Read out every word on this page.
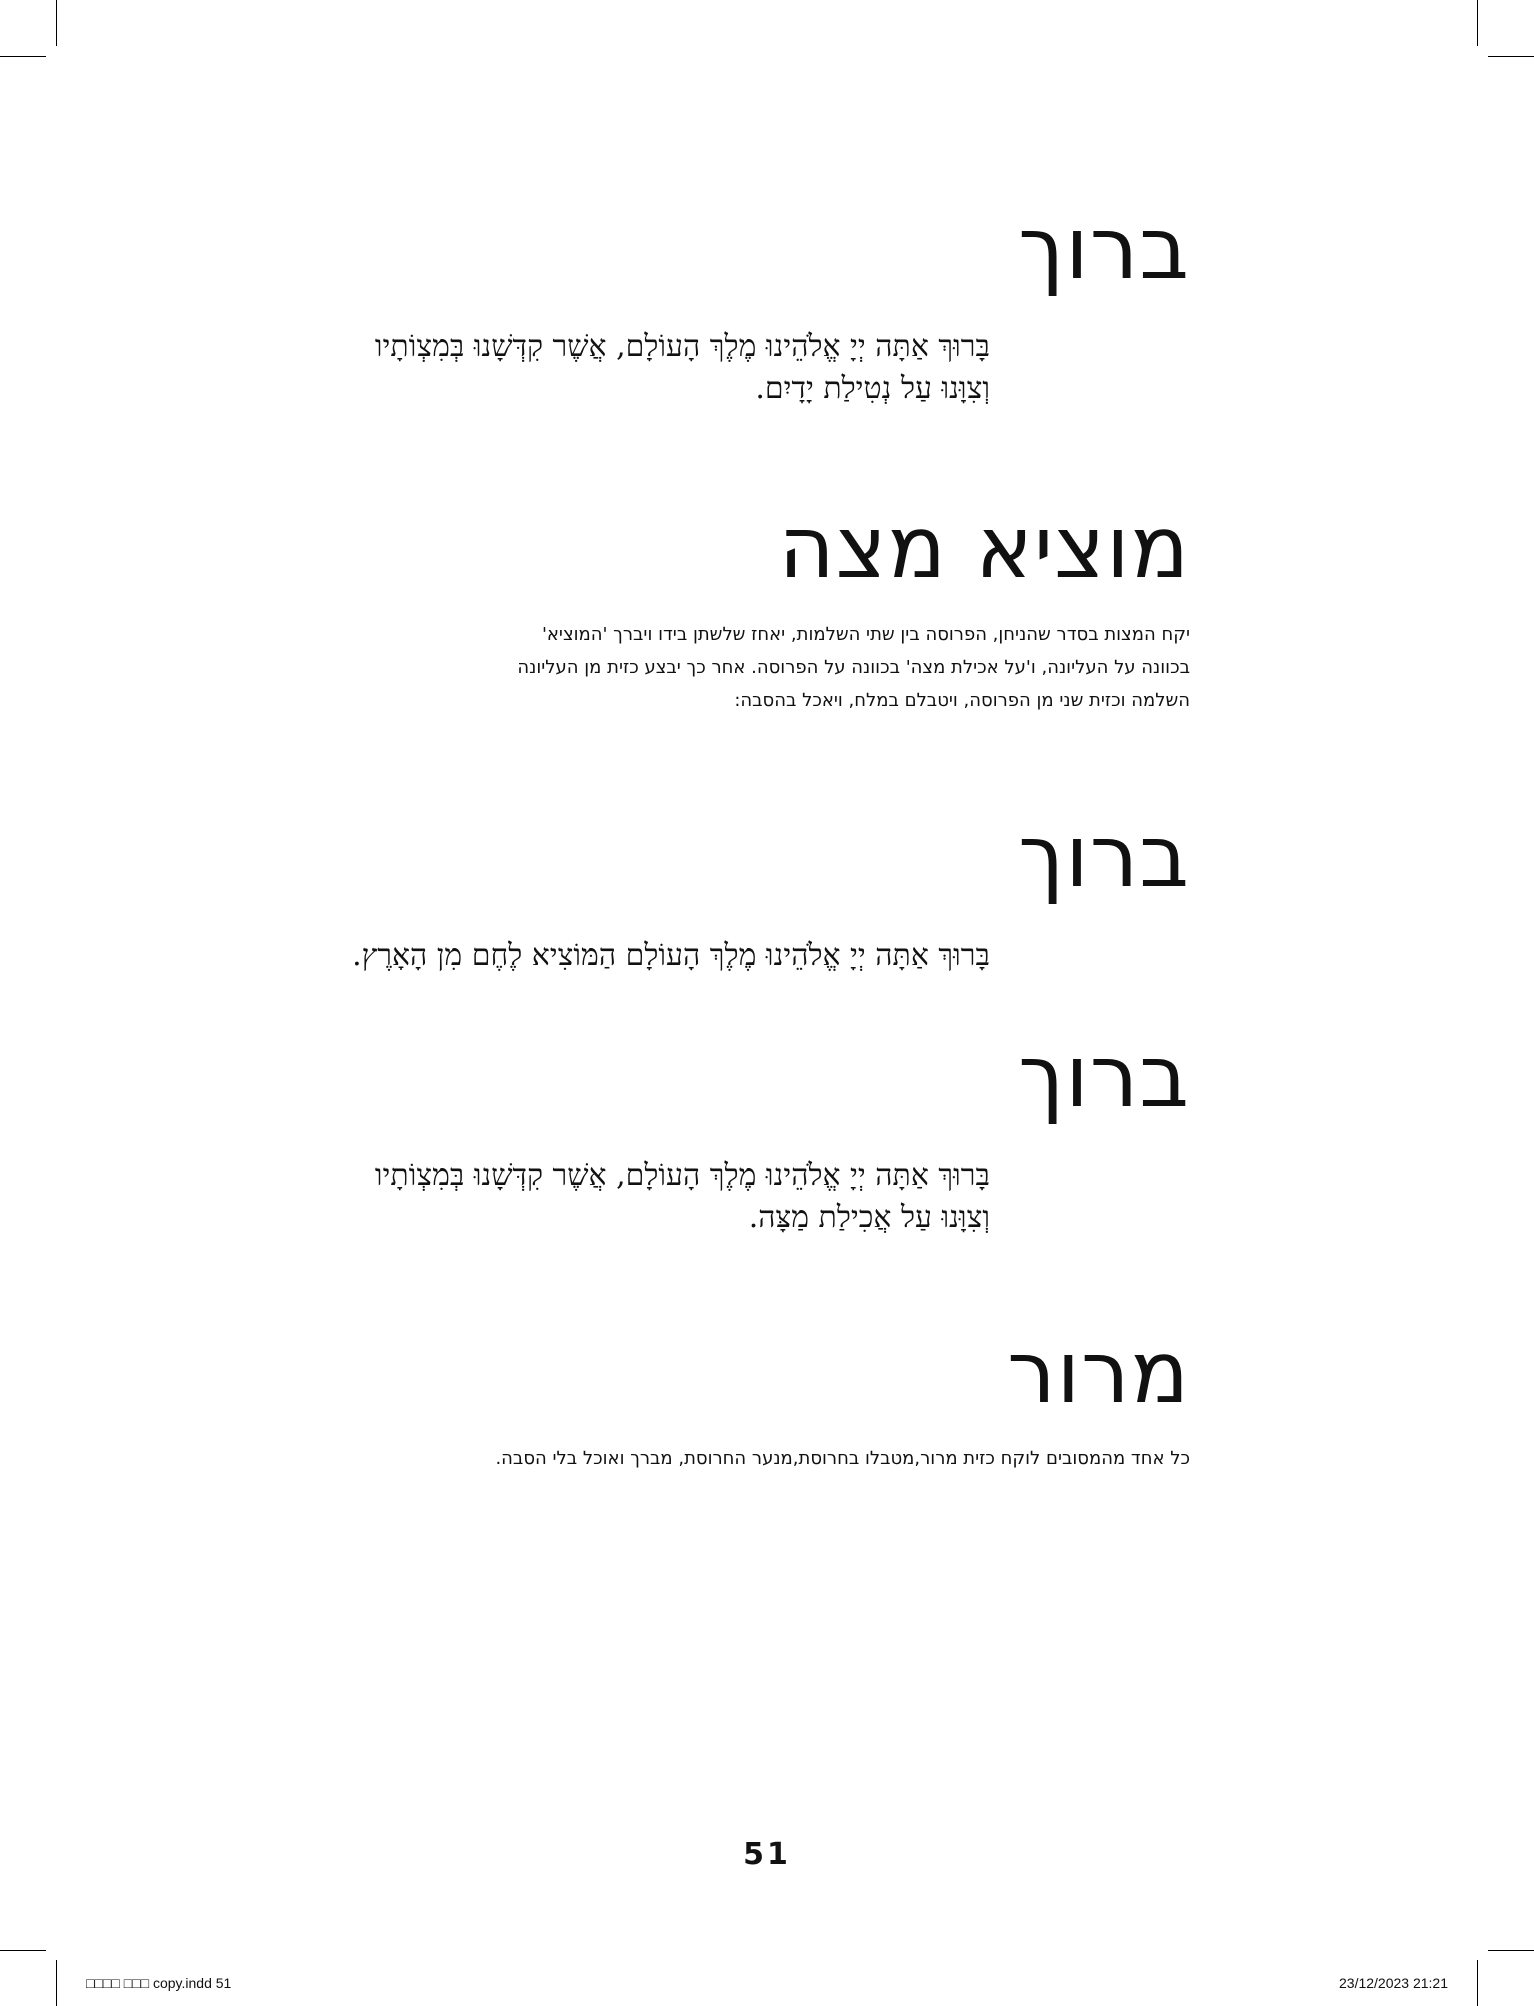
ברוך
בָּרוּךְ אַתָּה יְיָ אֱלֹהֵינוּ מֶלֶךְ הָעוֹלָם, אֲשֶׁר קִדְּשָׁנוּ בְּמִצְוֹתָיו
וְצִוָּנוּ עַל נְטִילַת יָדָיִם.
מוציא מצה
יקח המצות בסדר שהניחן, הפרוסה בין שתי השלמות, יאחז שלשתן בידו ויברך 'המוציא'
בכוונה על העליונה, ו'על אכילת מצה' בכוונה על הפרוסה. אחר כך יבצע כזית מן העליונה
השלמה וכזית שני מן הפרוסה, ויטבלם במלח, ויאכל בהסבה:
ברוך
בָּרוּךְ אַתָּה יְיָ אֱלֹהֵינוּ מֶלֶךְ הָעוֹלָם הַמּוֹצִיא לֶחֶם מִן הָאָרֶץ.
ברוך
בָּרוּךְ אַתָּה יְיָ אֱלֹהֵינוּ מֶלֶךְ הָעוֹלָם, אֲשֶׁר קִדְּשָׁנוּ בְּמִצְוֹתָיו
וְצִוָּנוּ עַל אֲכִילַת מַצָּה.
מרור
כל אחד מהמסובים לוקח כזית מרור,מטבלו בחרוסת,מנער החרוסת, מברך ואוכל בלי הסבה.
51
□□□□ □□□ copy.indd 51	23/12/2023 21:21
